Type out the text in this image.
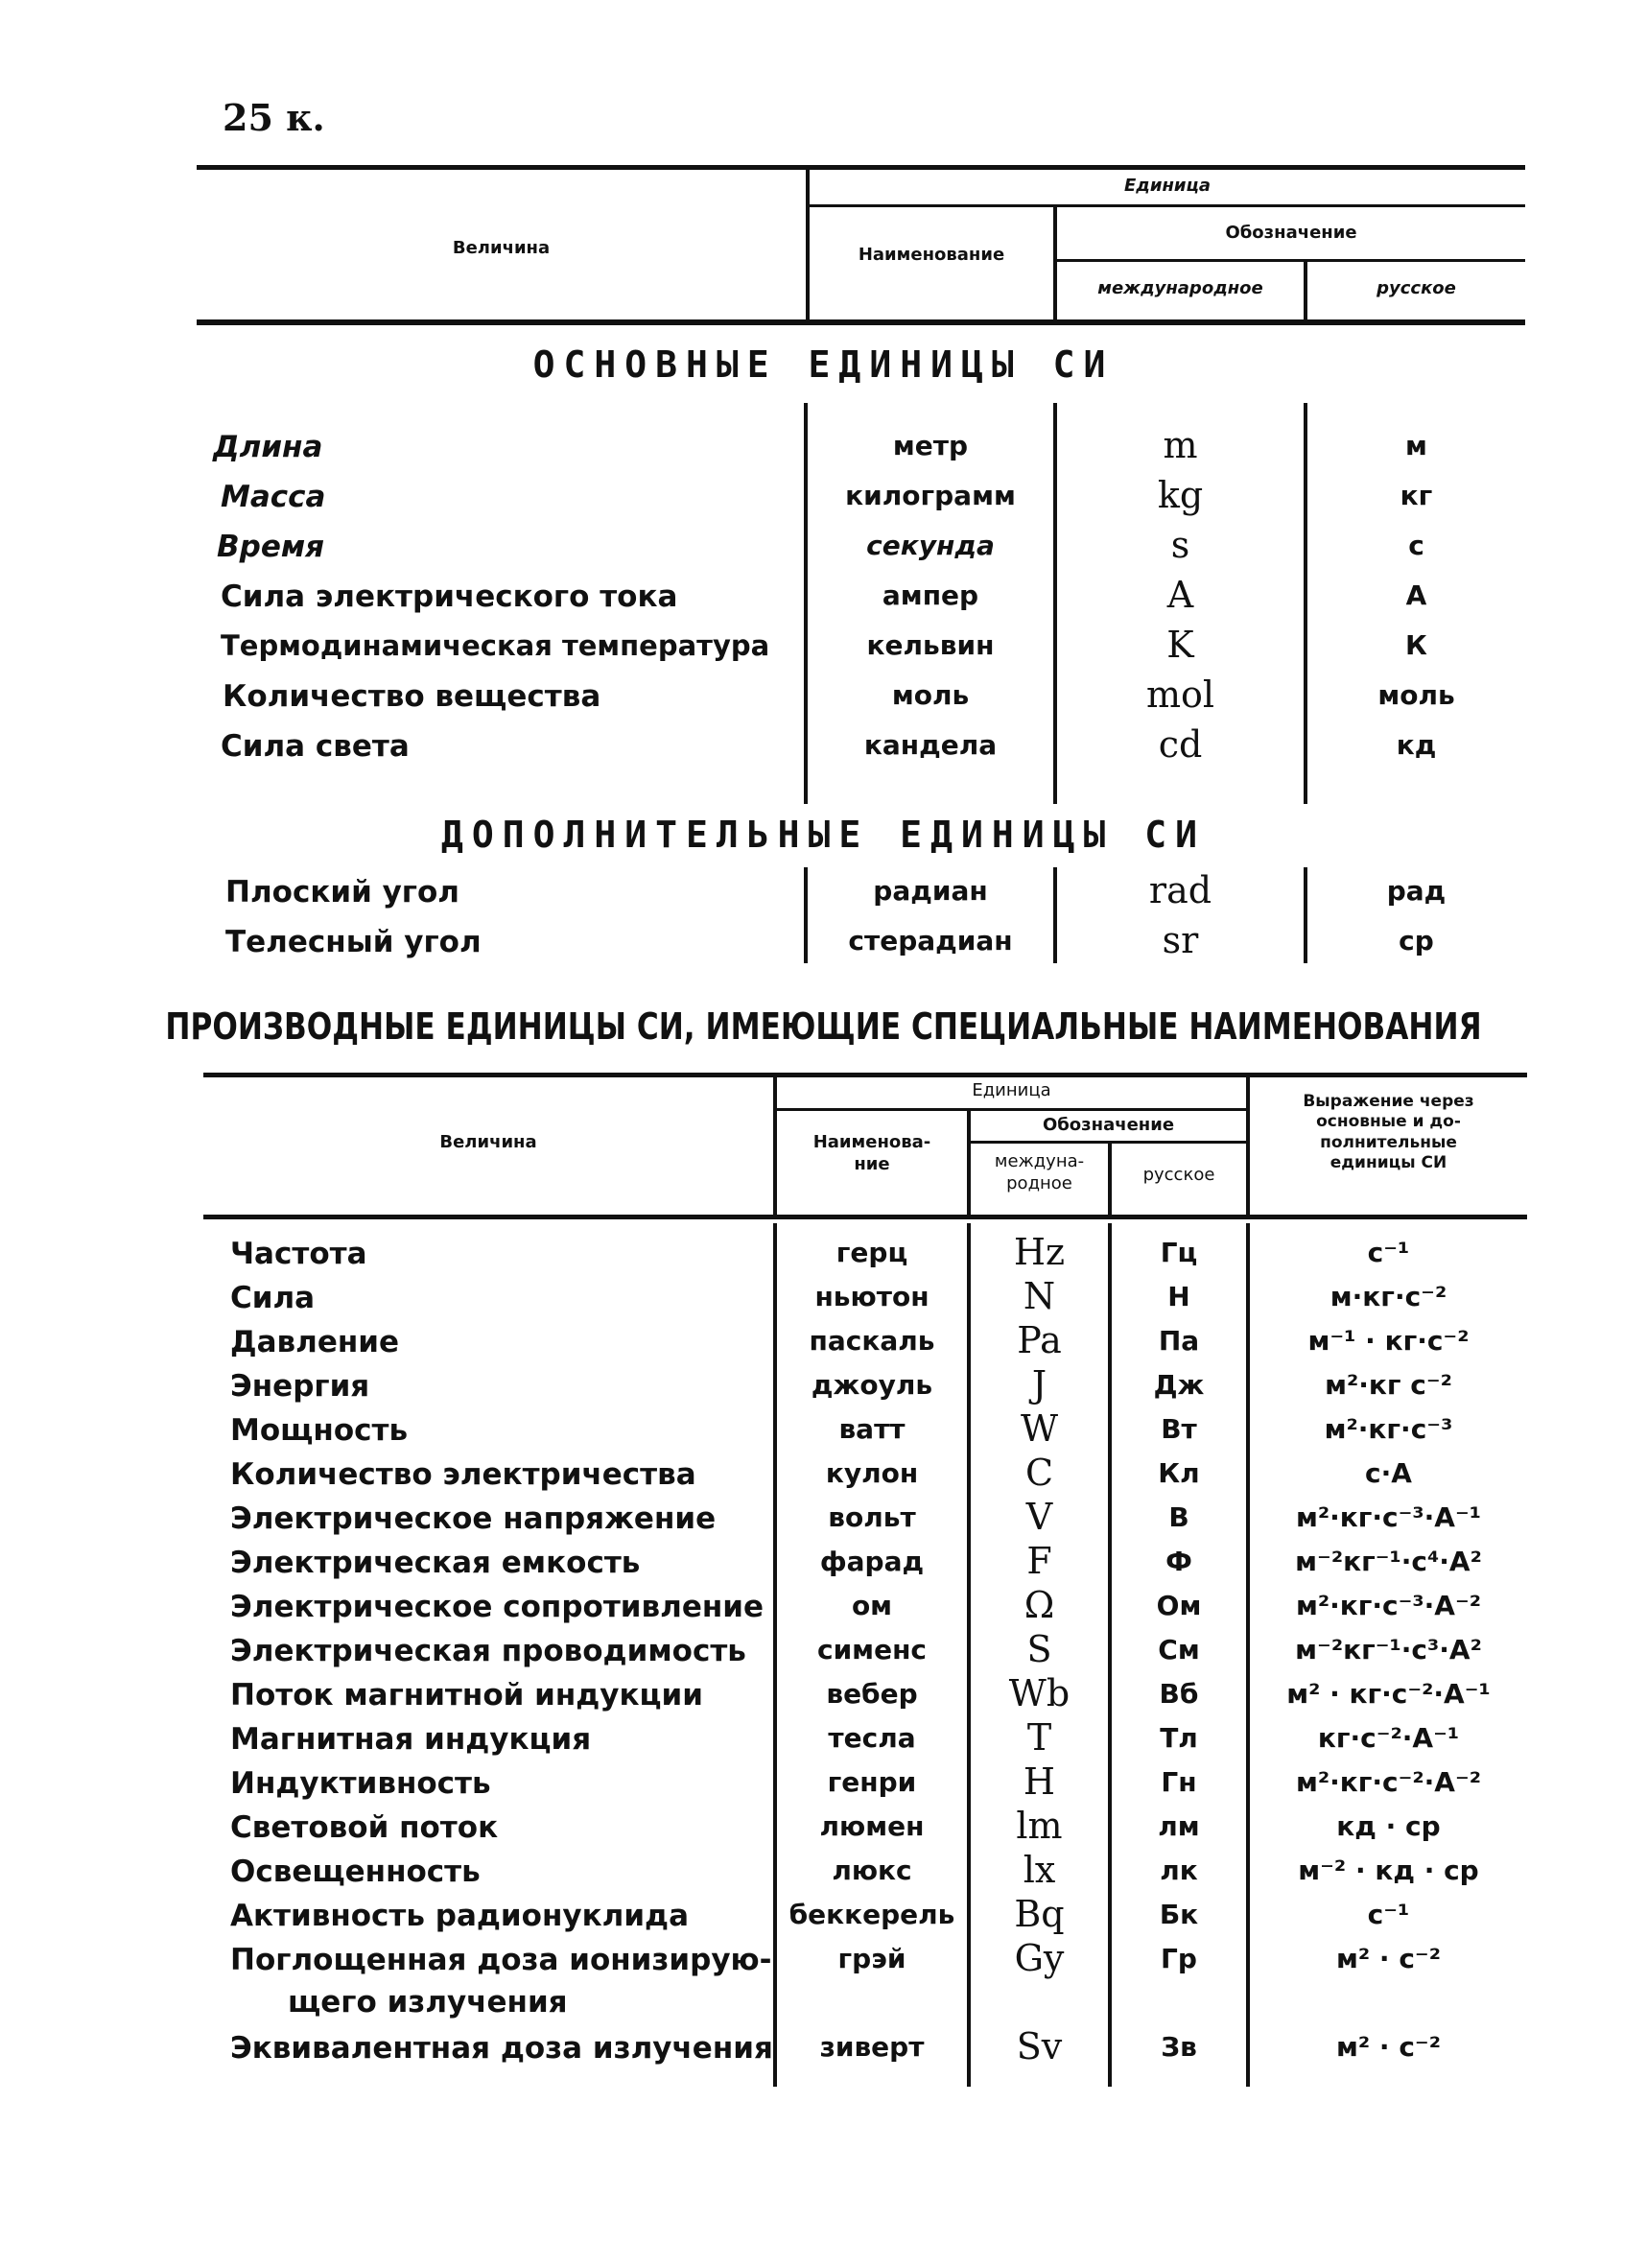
25 к.
Величина
Единица
Наименование
Обозначение
международное	русское
ОСНОВНЫЕ ЕДИНИЦЫ СИ
Длина	метр	m	м
Масса	килограмм	kg	кг
Время	секунда	s	с
Сила электрического тока	ампер	A	А
Термодинамическая температура	кельвин	K	К
Количество вещества	моль	mol	моль
Сила света	кандела	cd	кд
ДОПОЛНИТЕЛЬНЫЕ ЕДИНИЦЫ СИ
Плоский угол	радиан	rad	рад
Телесный угол	стерадиан	sr	ср
ПРОИЗВОДНЫЕ ЕДИНИЦЫ СИ, ИМЕЮЩИЕ СПЕЦИАЛЬНЫЕ НАИМЕНОВАНИЯ
Величина
Единица
Наименова-
ние
Обозначение
междуна-
родное	русское
Выражение через
основные и до-
полнительные
единицы СИ
Частота	герц	Hz	Гц	с⁻¹
Сила	ньютон	N	Н	м·кг·с⁻²
Давление	паскаль	Pa	Па	м⁻¹ · кг·с⁻²
Энергия	джоуль	J	Дж	м²·кг с⁻²
Мощность	ватт	W	Вт	м²·кг·с⁻³
Количество электричества	кулон	C	Кл	с·А
Электрическое напряжение	вольт	V	В	м²·кг·с⁻³·А⁻¹
Электрическая емкость	фарад	F	Ф	м⁻²кг⁻¹·с⁴·А²
Электрическое сопротивление	ом	Ω	Ом	м²·кг·с⁻³·А⁻²
Электрическая проводимость	сименс	S	См	м⁻²кг⁻¹·с³·А²
Поток магнитной индукции	вебер	Wb	Вб	м² · кг·с⁻²·А⁻¹
Магнитная индукция	тесла	T	Тл	кг·с⁻²·А⁻¹
Индуктивность	генри	H	Гн	м²·кг·с⁻²·А⁻²
Световой поток	люмен	lm	лм	кд · ср
Освещенность	люкс	lx	лк	м⁻² · кд · ср
Активность радионуклида	беккерель	Bq	Бк	с⁻¹
Поглощенная доза ионизирую-
щего излучения
грэй	Gy	Гр	м² · с⁻²
Эквивалентная доза излучения	зиверт	Sv	Зв	м² · с⁻²
